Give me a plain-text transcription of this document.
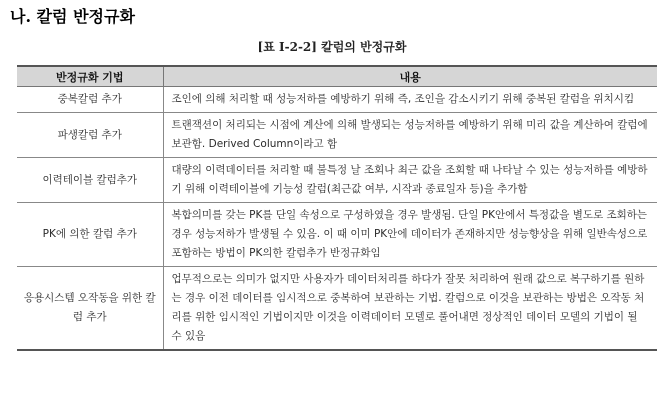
나. 칼럼 반정규화
[표 Ⅰ-2-2] 칼럼의 반정규화
반정규화 기법	내용
중복칼럼 추가	조인에 의해 처리할 때 성능저하를 예방하기 위해 즉, 조인을 감소시키기 위해 중복된 칼럼을 위치시킴
파생칼럼 추가	트랜잭션이 처리되는 시점에 계산에 의해 발생되는 성능저하를 예방하기 위해 미리 값을 계산하여 칼럼에 보관함. Derived Column이라고 함
이력테이블 칼럼추가	대량의 이력데이터를 처리할 때 불특정 날 조회나 최근 값을 조회할 때 나타날 수 있는 성능저하를 예방하기 위해 이력테이블에 기능성 칼럼(최근값 여부, 시작과 종료일자 등)을 추가함
PK에 의한 칼럼 추가	복합의미를 갖는 PK를 단일 속성으로 구성하였을 경우 발생됨. 단일 PK안에서 특정값을 별도로 조회하는 경우 성능저하가 발생될 수 있음. 이 때 이미 PK안에 데이터가 존재하지만 성능향상을 위해 일반속성으로 포함하는 방법이 PK의한 칼럼추가 반정규화임
응용시스템 오작동을 위한 칼럼 추가	업무적으로는 의미가 없지만 사용자가 데이터처리를 하다가 잘못 처리하여 원래 값으로 복구하기를 원하는 경우 이전 데이터를 임시적으로 중복하여 보관하는 기법. 칼럼으로 이것을 보관하는 방법은 오작동 처리를 위한 임시적인 기법이지만 이것을 이력데이터 모델로 풀어내면 정상적인 데이터 모델의 기법이 될 수 있음
